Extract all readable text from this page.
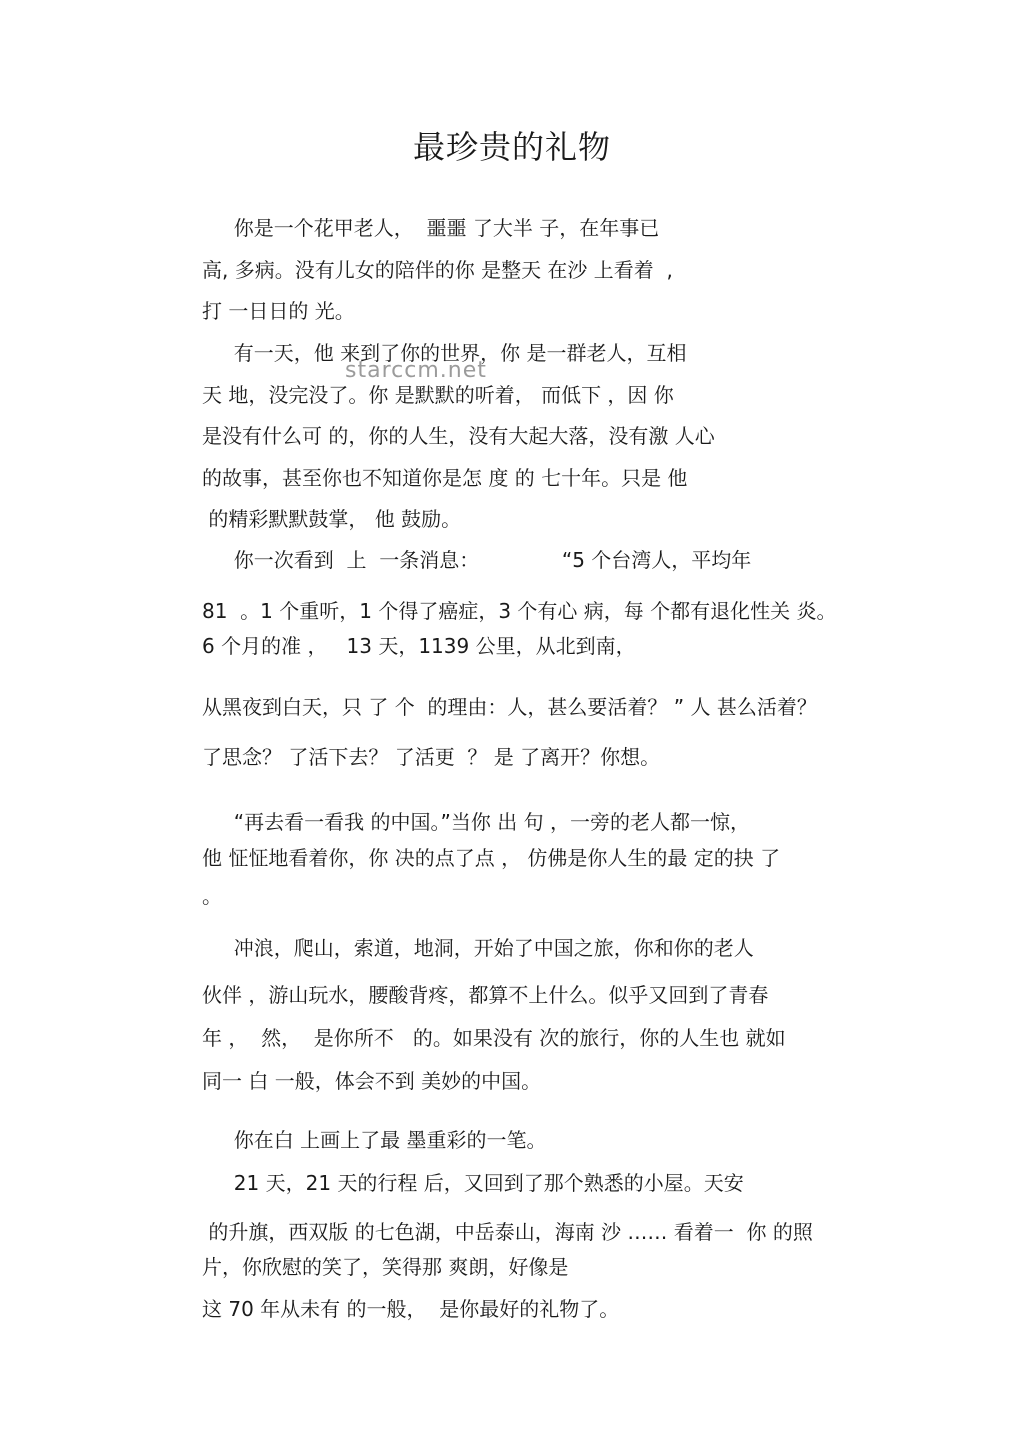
最珍贵的礼物

你是一个花甲老人，  噩噩 了大半 子，在年事已

高, 多病。没有儿女的陪伴的你 是整天 在沙 上看着  ,

打 一日日的 光。

有一天，他 来到了你的世界，你 是一群老人，互相

starccm.net

天 地，没完没了。你 是默默的听着， 而低下 ，因 你

是没有什么可 的，你的人生，没有大起大落，没有激 人心

的故事，甚至你也不知道你是怎 度 的 七十年。只是 他

的精彩默默鼓掌， 他 鼓励。

你一次看到  上  一条消息：             “5 个台湾人，平均年

81  。1 个重听，1 个得了癌症，3 个有心 病，每 个都有退化性关 炎。

6 个月的准 ，   13 天，1139 公里，从北到南，

从黑夜到白天，只 了 个  的理由：人，甚么要活着？ ” 人 甚么活着？

了思念？ 了活下去？ 了活更  ？ 是 了离开？你想。

“再去看一看我 的中国。”当你 出 句 ，一旁的老人都一惊，

他 怔怔地看着你，你 决的点了点 ， 仿佛是你人生的最 定的抉 了

。

冲浪，爬山，索道，地洞，开始了中国之旅，你和你的老人

伙伴 ，游山玩水，腰酸背疼，都算不上什么。似乎又回到了青春

年 ，  然，  是你所不   的。如果没有 次的旅行，你的人生也 就如

同一 白 一般，体会不到 美妙的中国。

你在白 上画上了最 墨重彩的一笔。

21 天，21 天的行程 后，又回到了那个熟悉的小屋。天安

的升旗，西双版 的七色湖，中岳泰山，海南 沙 …… 看着一  你 的照

片，你欣慰的笑了，笑得那 爽朗，好像是

这 70 年从未有 的一般，  是你最好的礼物了。
